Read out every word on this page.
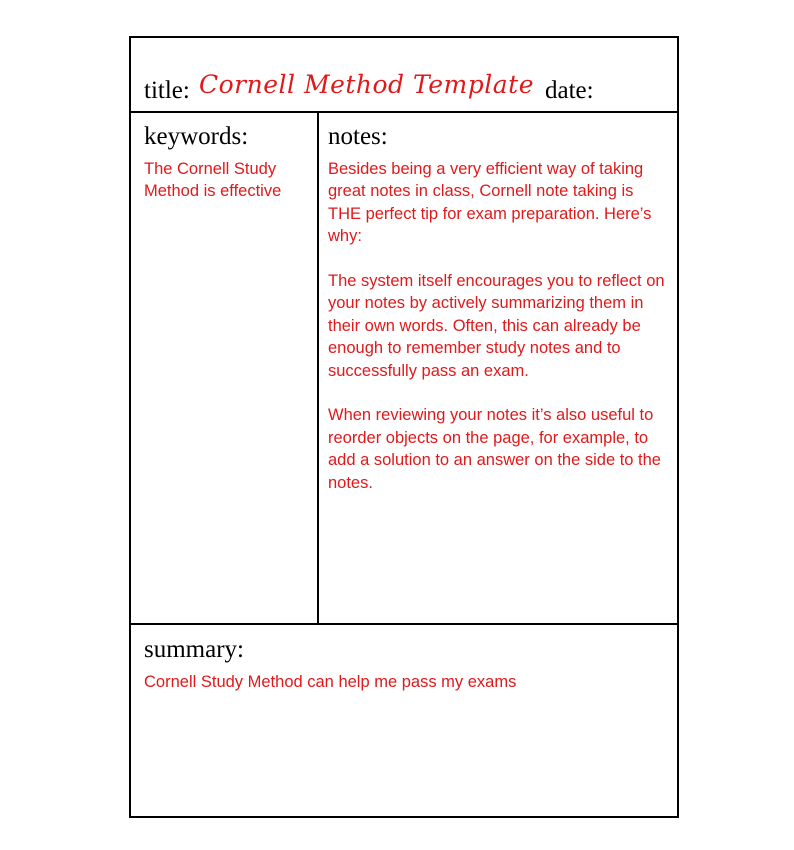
title: Cornell Method Template date:
keywords:
The Cornell Study Method is effective
notes:

Besides being a very efficient way of taking great notes in class, Cornell note taking is THE perfect tip for exam preparation. Here’s why:

The system itself encourages you to reflect on your notes by actively summarizing them in their own words. Often, this can already be enough to remember study notes and to successfully pass an exam.

When reviewing your notes it’s also useful to reorder objects on the page, for example, to add a solution to an answer on the side to the notes.

summary:
Cornell Study Method can help me pass my exams
